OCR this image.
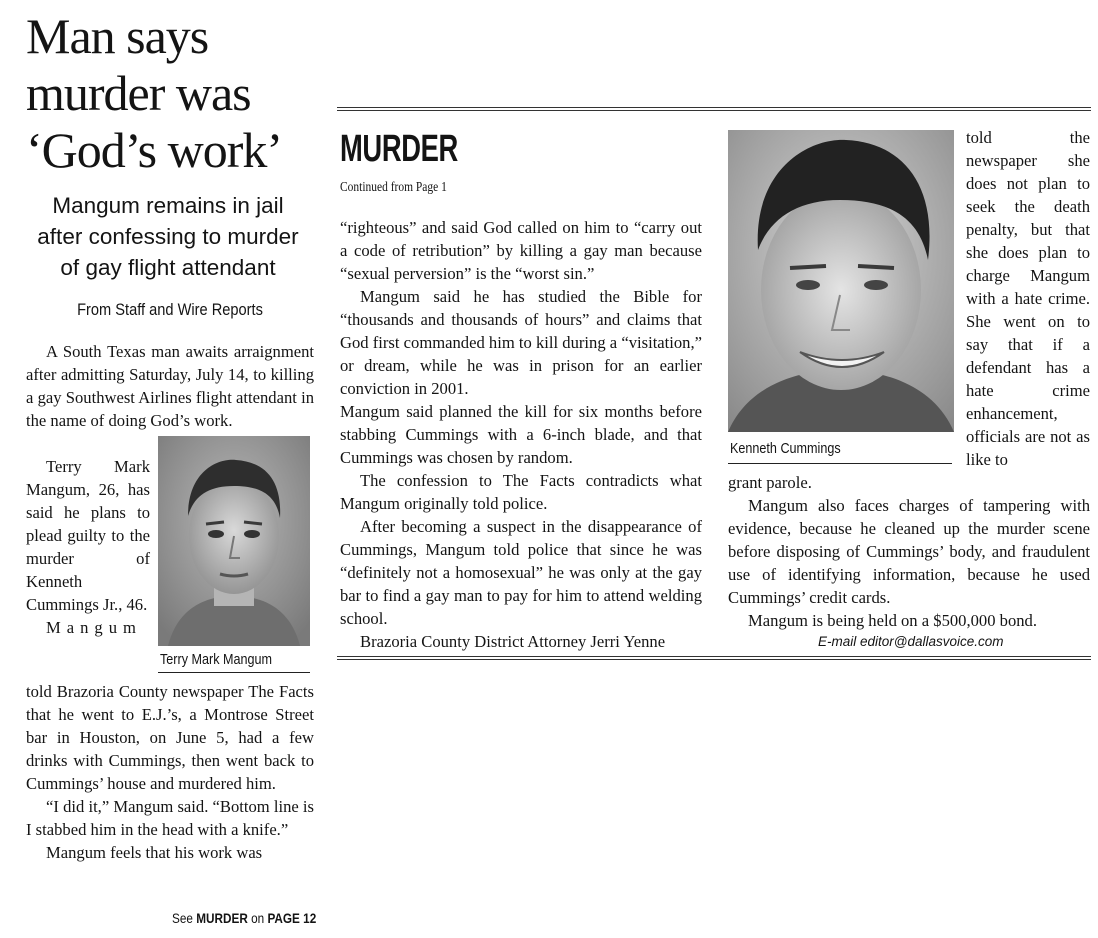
Man says
murder was
‘God’s work’
Mangum remains in jail
after confessing to murder
of gay flight attendant
From Staff and Wire Reports

A South Texas man awaits arraignment after admitting Saturday, July 14, to killing a gay Southwest Airlines flight attendant in the name of doing God’s work.

Terry Mark Mangum, 26, has said he plans to plead guilty to the murder of Kenneth Cummings Jr., 46.

Mangum
Terry Mark Mangum

told Brazoria County newspaper The Facts that he went to E.J.’s, a Montrose Street bar in Houston, on June 5, had a few drinks with Cummings, then went back to Cummings’ house and murdered him.

“I did it,” Mangum said. “Bottom line is I stabbed him in the head with a knife.”

Mangum feels that his work was

See MURDER on PAGE 12
MURDER
Continued from Page 1

“righteous” and said God called on him to “carry out a code of retribution” by killing a gay man because “sexual perversion” is the “worst sin.”

Mangum said he has studied the Bible for “thousands and thousands of hours” and claims that God first commanded him to kill during a “visitation,” or dream, while he was in prison for an earlier conviction in 2001.

Mangum said planned the kill for six months before stabbing Cummings with a 6-inch blade, and that Cummings was chosen by random.

The confession to The Facts contradicts what Mangum originally told police.

After becoming a suspect in the disappearance of Cummings, Mangum told police that since he was “definitely not a homosexual” he was only at the gay bar to find a gay man to pay for him to attend welding school.

Brazoria County District Attorney Jerri Yenne

Kenneth Cummings

told the newspaper she does not plan to seek the death penalty, but that she does plan to charge Mangum with a hate crime. She went on to say that if a defendant has a hate crime enhancement, officials are not as like to

grant parole.

Mangum also faces charges of tampering with evidence, because he cleaned up the murder scene before disposing of Cummings’ body, and fraudulent use of identifying information, because he used Cummings’ credit cards.

Mangum is being held on a $500,000 bond.

E-mail editor@dallasvoice.com
